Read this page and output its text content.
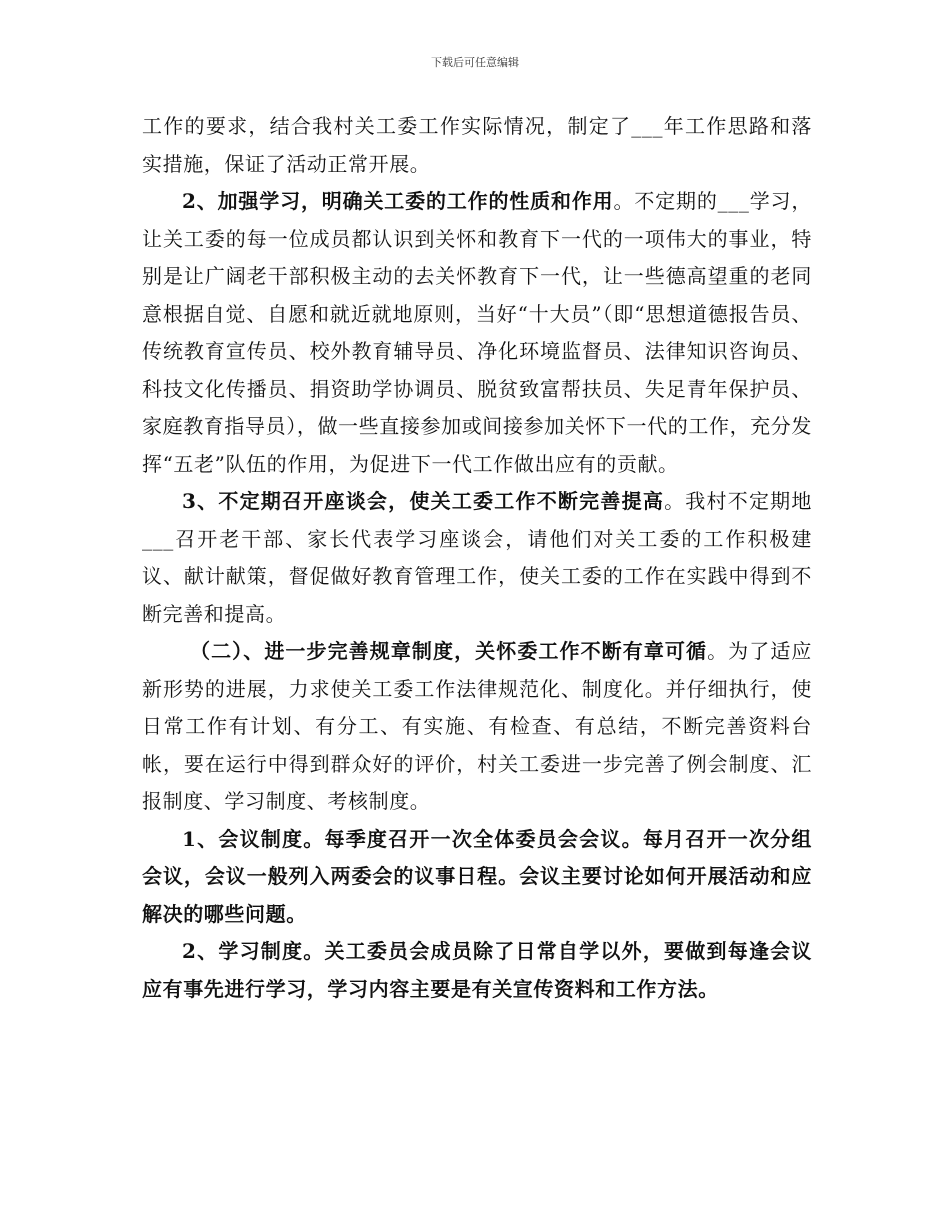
下载后可任意编辑

工作的要求，结合我村关工委工作实际情况，制定了___年工作思路和落实措施，保证了活动正常开展。

2、加强学习，明确关工委的工作的性质和作用。不定期的___学习，让关工委的每一位成员都认识到关怀和教育下一代的一项伟大的事业，特别是让广阔老干部积极主动的去关怀教育下一代，让一些德高望重的老同意根据自觉、自愿和就近就地原则，当好“十大员”（即“思想道德报告员、传统教育宣传员、校外教育辅导员、净化环境监督员、法律知识咨询员、科技文化传播员、捐资助学协调员、脱贫致富帮扶员、失足青年保护员、家庭教育指导员），做一些直接参加或间接参加关怀下一代的工作，充分发挥“五老”队伍的作用，为促进下一代工作做出应有的贡献。

3、不定期召开座谈会，使关工委工作不断完善提高。我村不定期地___召开老干部、家长代表学习座谈会，请他们对关工委的工作积极建议、献计献策，督促做好教育管理工作，使关工委的工作在实践中得到不断完善和提高。

（二）、进一步完善规章制度，关怀委工作不断有章可循。为了适应新形势的进展，力求使关工委工作法律规范化、制度化。并仔细执行，使日常工作有计划、有分工、有实施、有检查、有总结，不断完善资料台帐，要在运行中得到群众好的评价，村关工委进一步完善了例会制度、汇报制度、学习制度、考核制度。

1、会议制度。每季度召开一次全体委员会会议。每月召开一次分组会议，会议一般列入两委会的议事日程。会议主要讨论如何开展活动和应解决的哪些问题。

2、学习制度。关工委员会成员除了日常自学以外，要做到每逢会议应有事先进行学习，学习内容主要是有关宣传资料和工作方法。
